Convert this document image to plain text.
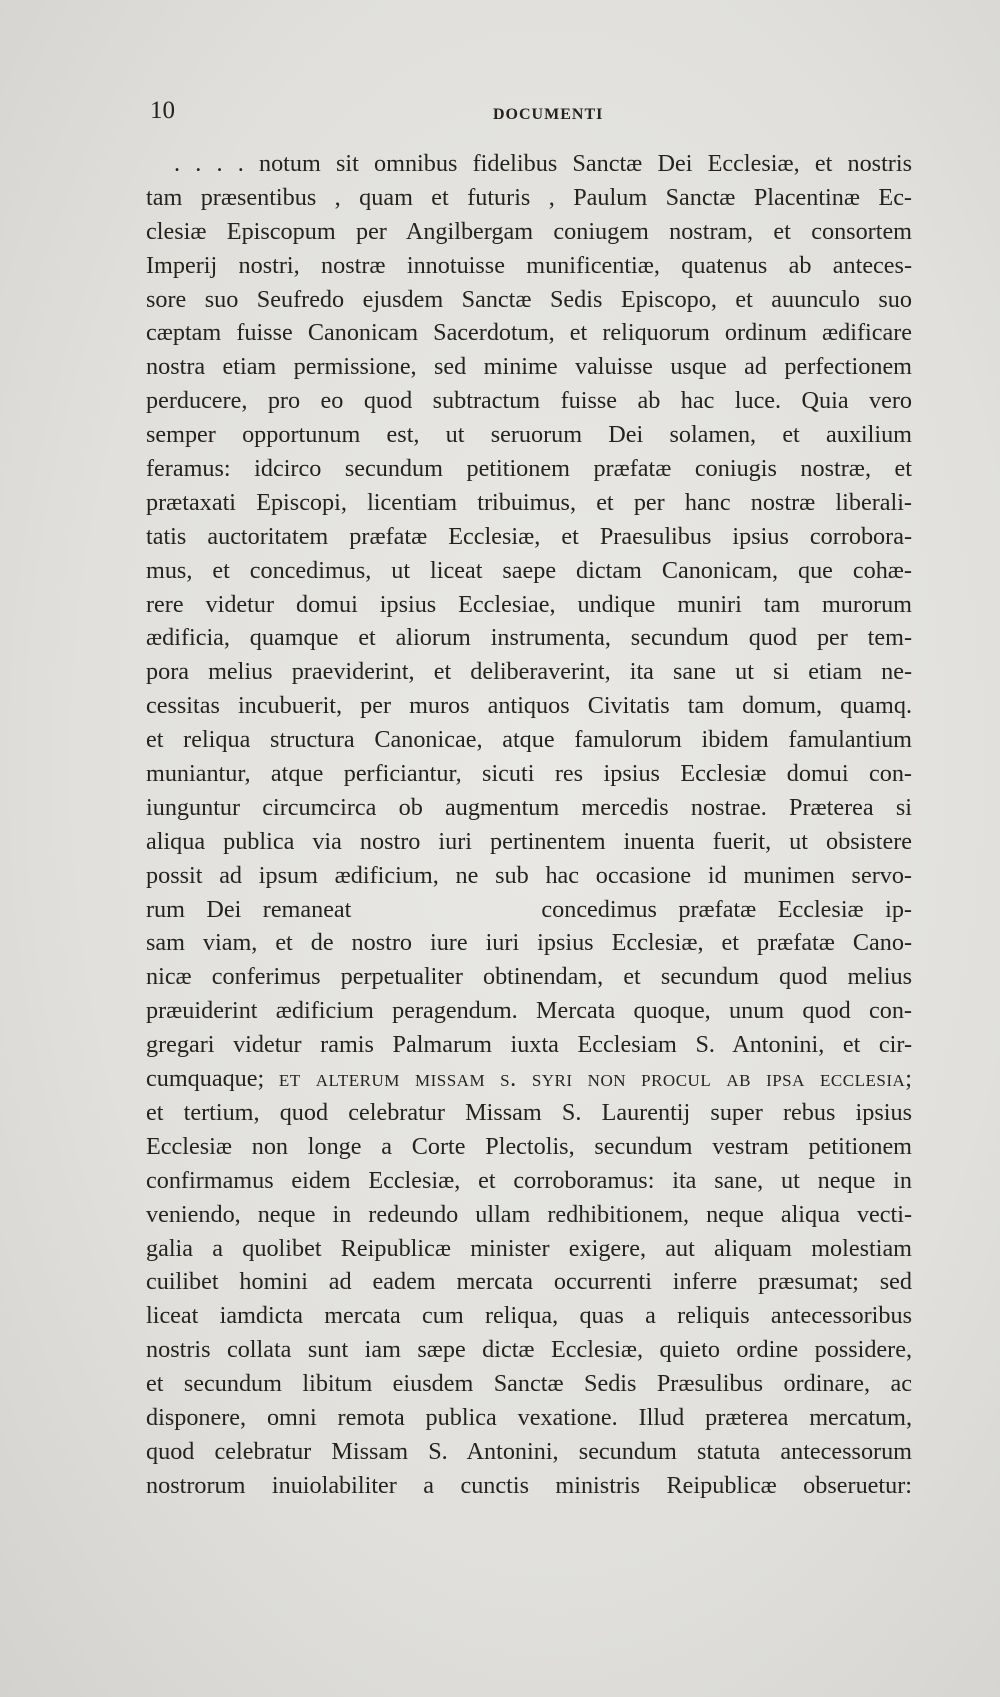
10	DOCUMENTI
. . . . notum sit omnibus fidelibus Sanctæ Dei Ecclesiæ, et nostris
tam præsentibus , quam et futuris , Paulum Sanctæ Placentinæ Ec-
clesiæ Episcopum per Angilbergam coniugem nostram, et consortem
Imperij nostri, nostræ innotuisse munificentiæ, quatenus ab anteces-
sore suo Seufredo ejusdem Sanctæ Sedis Episcopo, et auunculo suo
cæptam fuisse Canonicam Sacerdotum, et reliquorum ordinum ædificare
nostra etiam permissione, sed minime valuisse usque ad perfectionem
perducere, pro eo quod subtractum fuisse ab hac luce. Quia vero
semper opportunum est, ut seruorum Dei solamen, et auxilium
feramus: idcirco secundum petitionem præfatæ coniugis nostræ, et
prætaxati Episcopi, licentiam tribuimus, et per hanc nostræ liberali-
tatis auctoritatem præfatæ Ecclesiæ, et Praesulibus ipsius corrobora-
mus, et concedimus, ut liceat saepe dictam Canonicam, que cohæ-
rere videtur domui ipsius Ecclesiae, undique muniri tam murorum
ædificia, quamque et aliorum instrumenta, secundum quod per tem-
pora melius praeviderint, et deliberaverint, ita sane ut si etiam ne-
cessitas incubuerit, per muros antiquos Civitatis tam domum, quamq.
et reliqua structura Canonicae, atque famulorum ibidem famulantium
muniantur, atque perficiantur, sicuti res ipsius Ecclesiæ domui con-
iunguntur circumcirca ob augmentum mercedis nostrae. Præterea si
aliqua publica via nostro iuri pertinentem inuenta fuerit, ut obsistere
possit ad ipsum ædificium, ne sub hac occasione id munimen servo-
rum Dei remaneat	concedimus præfatæ Ecclesiæ ip-
sam viam, et de nostro iure iuri ipsius Ecclesiæ, et præfatæ Cano-
nicæ conferimus perpetualiter obtinendam, et secundum quod melius
præuiderint ædificium peragendum. Mercata quoque, unum quod con-
gregari videtur ramis Palmarum iuxta Ecclesiam S. Antonini, et cir-
cumquaque; et alterum missam s. syri non procul ab ipsa ecclesia;
et tertium, quod celebratur Missam S. Laurentij super rebus ipsius
Ecclesiæ non longe a Corte Plectolis, secundum vestram petitionem
confirmamus eidem Ecclesiæ, et corroboramus: ita sane, ut neque in
veniendo, neque in redeundo ullam redhibitionem, neque aliqua vecti-
galia a quolibet Reipublicæ minister exigere, aut aliquam molestiam
cuilibet homini ad eadem mercata occurrenti inferre præsumat; sed
liceat iamdicta mercata cum reliqua, quas a reliquis antecessoribus
nostris collata sunt iam sæpe dictæ Ecclesiæ, quieto ordine possidere,
et secundum libitum eiusdem Sanctæ Sedis Præsulibus ordinare, ac
disponere, omni remota publica vexatione. Illud præterea mercatum,
quod celebratur Missam S. Antonini, secundum statuta antecessorum
nostrorum inuiolabiliter a cunctis ministris Reipublicæ obseruetur:
